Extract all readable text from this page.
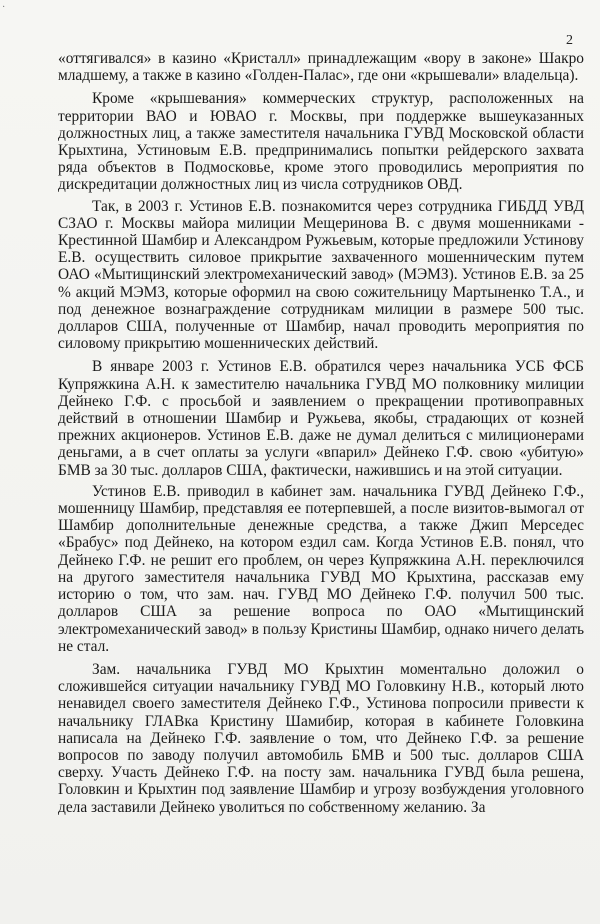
·
2

«оттягивался» в казино «Кристалл» принадлежащим «вору в законе» Шакро младшему, а также в казино «Голден-Палас», где они «крышевали» владельца).

Кроме «крышевания» коммерческих структур, расположенных на территории ВАО и ЮВАО г. Москвы, при поддержке вышеуказанных должностных лиц, а также заместителя начальника ГУВД Московской области Крыхтина, Устиновым Е.В. предпринимались попытки рейдерского захвата ряда объектов в Подмосковье, кроме этого проводились мероприятия по дискредитации должностных лиц из числа сотрудников ОВД.

Так, в 2003 г. Устинов Е.В. познакомится через сотрудника ГИБДД УВД СЗАО г. Москвы майора милиции Мещеринова В. с двумя мошенниками - Крестинной Шамбир и Александром Ружьевым, которые предложили Устинову Е.В. осуществить силовое прикрытие захваченного мошенническим путем ОАО «Мытищинский электромеханический завод» (МЭМЗ). Устинов Е.В. за 25 % акций МЭМЗ, которые оформил на свою сожительницу Мартыненко Т.А., и под денежное вознаграждение сотрудникам милиции в размере 500 тыс. долларов США, полученные от Шамбир, начал проводить мероприятия по силовому прикрытию мошеннических действий.

В январе 2003 г. Устинов Е.В. обратился через начальника УСБ ФСБ Купряжкина А.Н. к заместителю начальника ГУВД МО полковнику милиции Дейнеко Г.Ф. с просьбой и заявлением о прекращении противоправных действий в отношении Шамбир и Ружьева, якобы, страдающих от козней прежних акционеров. Устинов Е.В. даже не думал делиться с милиционерами деньгами, а в счет оплаты за услуги «впарил» Дейнеко Г.Ф. свою «убитую» БМВ за 30 тыс. долларов США, фактически, нажившись и на этой ситуации.

Устинов Е.В. приводил в кабинет зам. начальника ГУВД Дейнеко Г.Ф., мошенницу Шамбир, представляя ее потерпевшей, а после визитов-вымогал от Шамбир дополнительные денежные средства, а также Джип Мерседес «Брабус» под Дейнеко, на котором ездил сам. Когда Устинов Е.В. понял, что Дейнеко Г.Ф. не решит его проблем, он через Купряжкина А.Н. переключился на другого заместителя начальника ГУВД МО Крыхтина, рассказав ему историю о том, что зам. нач. ГУВД МО Дейнеко Г.Ф. получил 500 тыс. долларов США за решение вопроса по ОАО «Мытищинский электромеханический завод» в пользу Кристины Шамбир, однако ничего делать не стал.

Зам. начальника ГУВД МО Крыхтин моментально доложил о сложившейся ситуации начальнику ГУВД МО Головкину Н.В., который люто ненавидел своего заместителя Дейнеко Г.Ф., Устинова попросили привести к начальнику ГЛАВка Кристину Шамибир, которая в кабинете Головкина написала на Дейнеко Г.Ф. заявление о том, что Дейнеко Г.Ф. за решение вопросов по заводу получил автомобиль БМВ и 500 тыс. долларов США сверху. Участь Дейнеко Г.Ф. на посту зам. начальника ГУВД была решена, Головкин и Крыхтин под заявление Шамбир и угрозу возбуждения уголовного дела заставили Дейнеко уволиться по собственному желанию. За
